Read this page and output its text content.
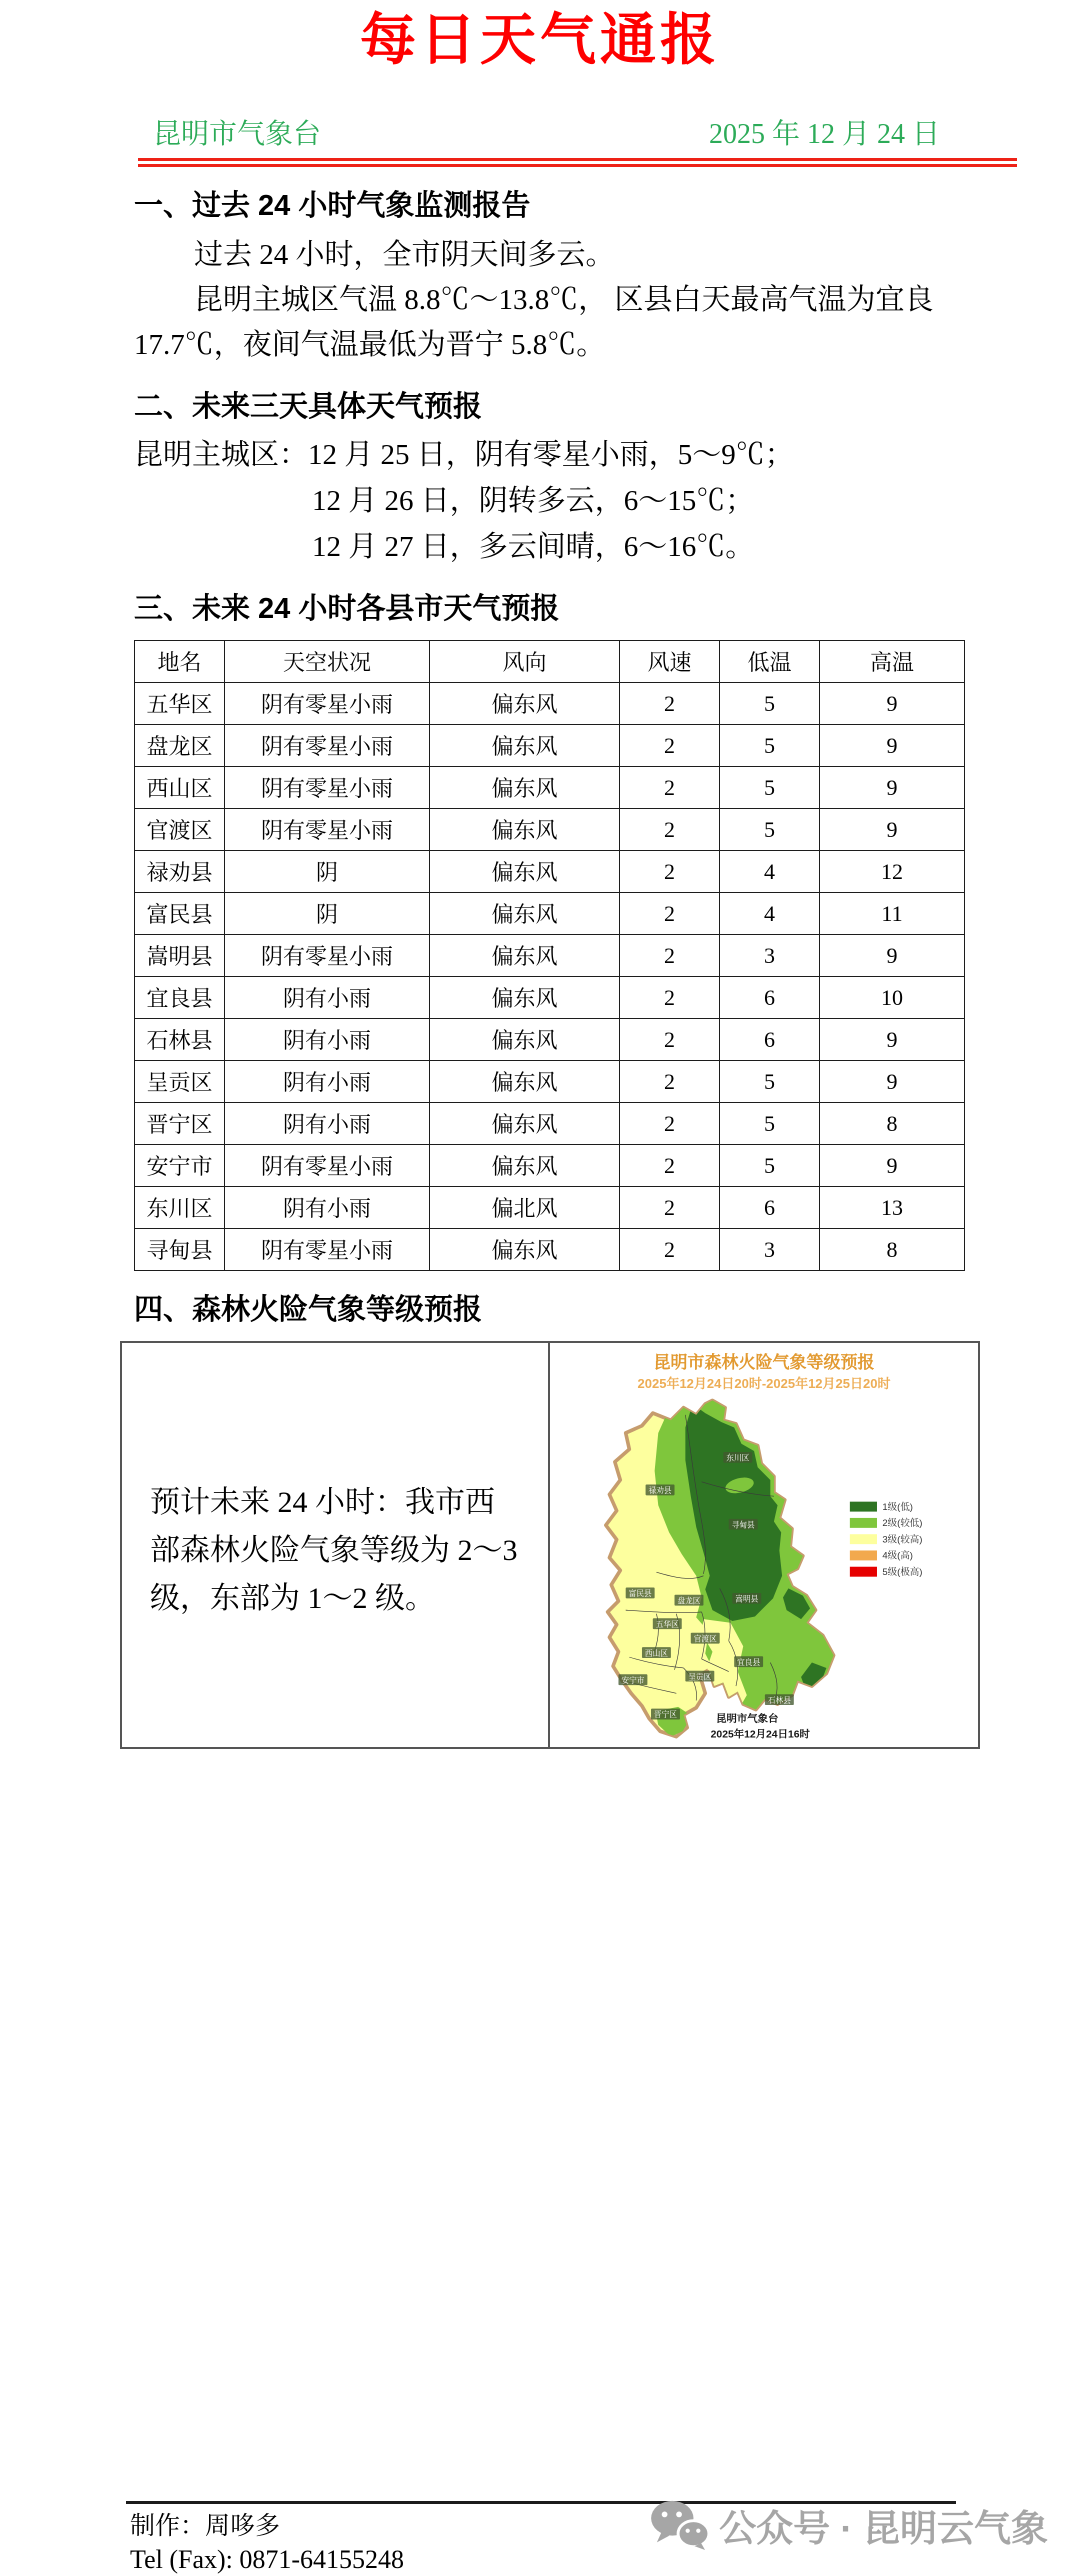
每日天气通报
昆明市气象台	2025 年 12 月 24 日
一、过去 24 小时气象监测报告
过去 24 小时，全市阴天间多云。
昆明主城区气温 8.8℃～13.8℃， 区县白天最高气温为宜良 17.7℃，夜间气温最低为晋宁 5.8℃。
二、未来三天具体天气预报
昆明主城区：12 月 25 日，阴有零星小雨，5～9℃；
12 月 26 日，阴转多云，6～15℃；
12 月 27 日，多云间晴，6～16℃。
三、未来 24 小时各县市天气预报
地名	天空状况	风向	风速	低温	高温
五华区	阴有零星小雨	偏东风	2	5	9
盘龙区	阴有零星小雨	偏东风	2	5	9
西山区	阴有零星小雨	偏东风	2	5	9
官渡区	阴有零星小雨	偏东风	2	5	9
禄劝县	阴	偏东风	2	4	12
富民县	阴	偏东风	2	4	11
嵩明县	阴有零星小雨	偏东风	2	3	9
宜良县	阴有小雨	偏东风	2	6	10
石林县	阴有小雨	偏东风	2	6	9
呈贡区	阴有小雨	偏东风	2	5	9
晋宁区	阴有小雨	偏东风	2	5	8
安宁市	阴有零星小雨	偏东风	2	5	9
东川区	阴有小雨	偏北风	2	6	13
寻甸县	阴有零星小雨	偏东风	2	3	8
四、森林火险气象等级预报
预计未来 24 小时：我市西部森林火险气象等级为 2～3 级，东部为 1～2 级。
昆明市森林火险气象等级预报
2025年12月24日20时-2025年12月25日20时
东川区
禄劝县
寻甸县
富民县
盘龙区	嵩明县
五华区
官渡区
西山区
宜良县
呈贡区
安宁市
石林县
晋宁区
1级(低)
2级(较低)
3级(较高)
4级(高)
5级(极高)
昆明市气象台
2025年12月24日16时
制作：周哆多
Tel (Fax): 0871-64155248
公众号 · 昆明云气象
